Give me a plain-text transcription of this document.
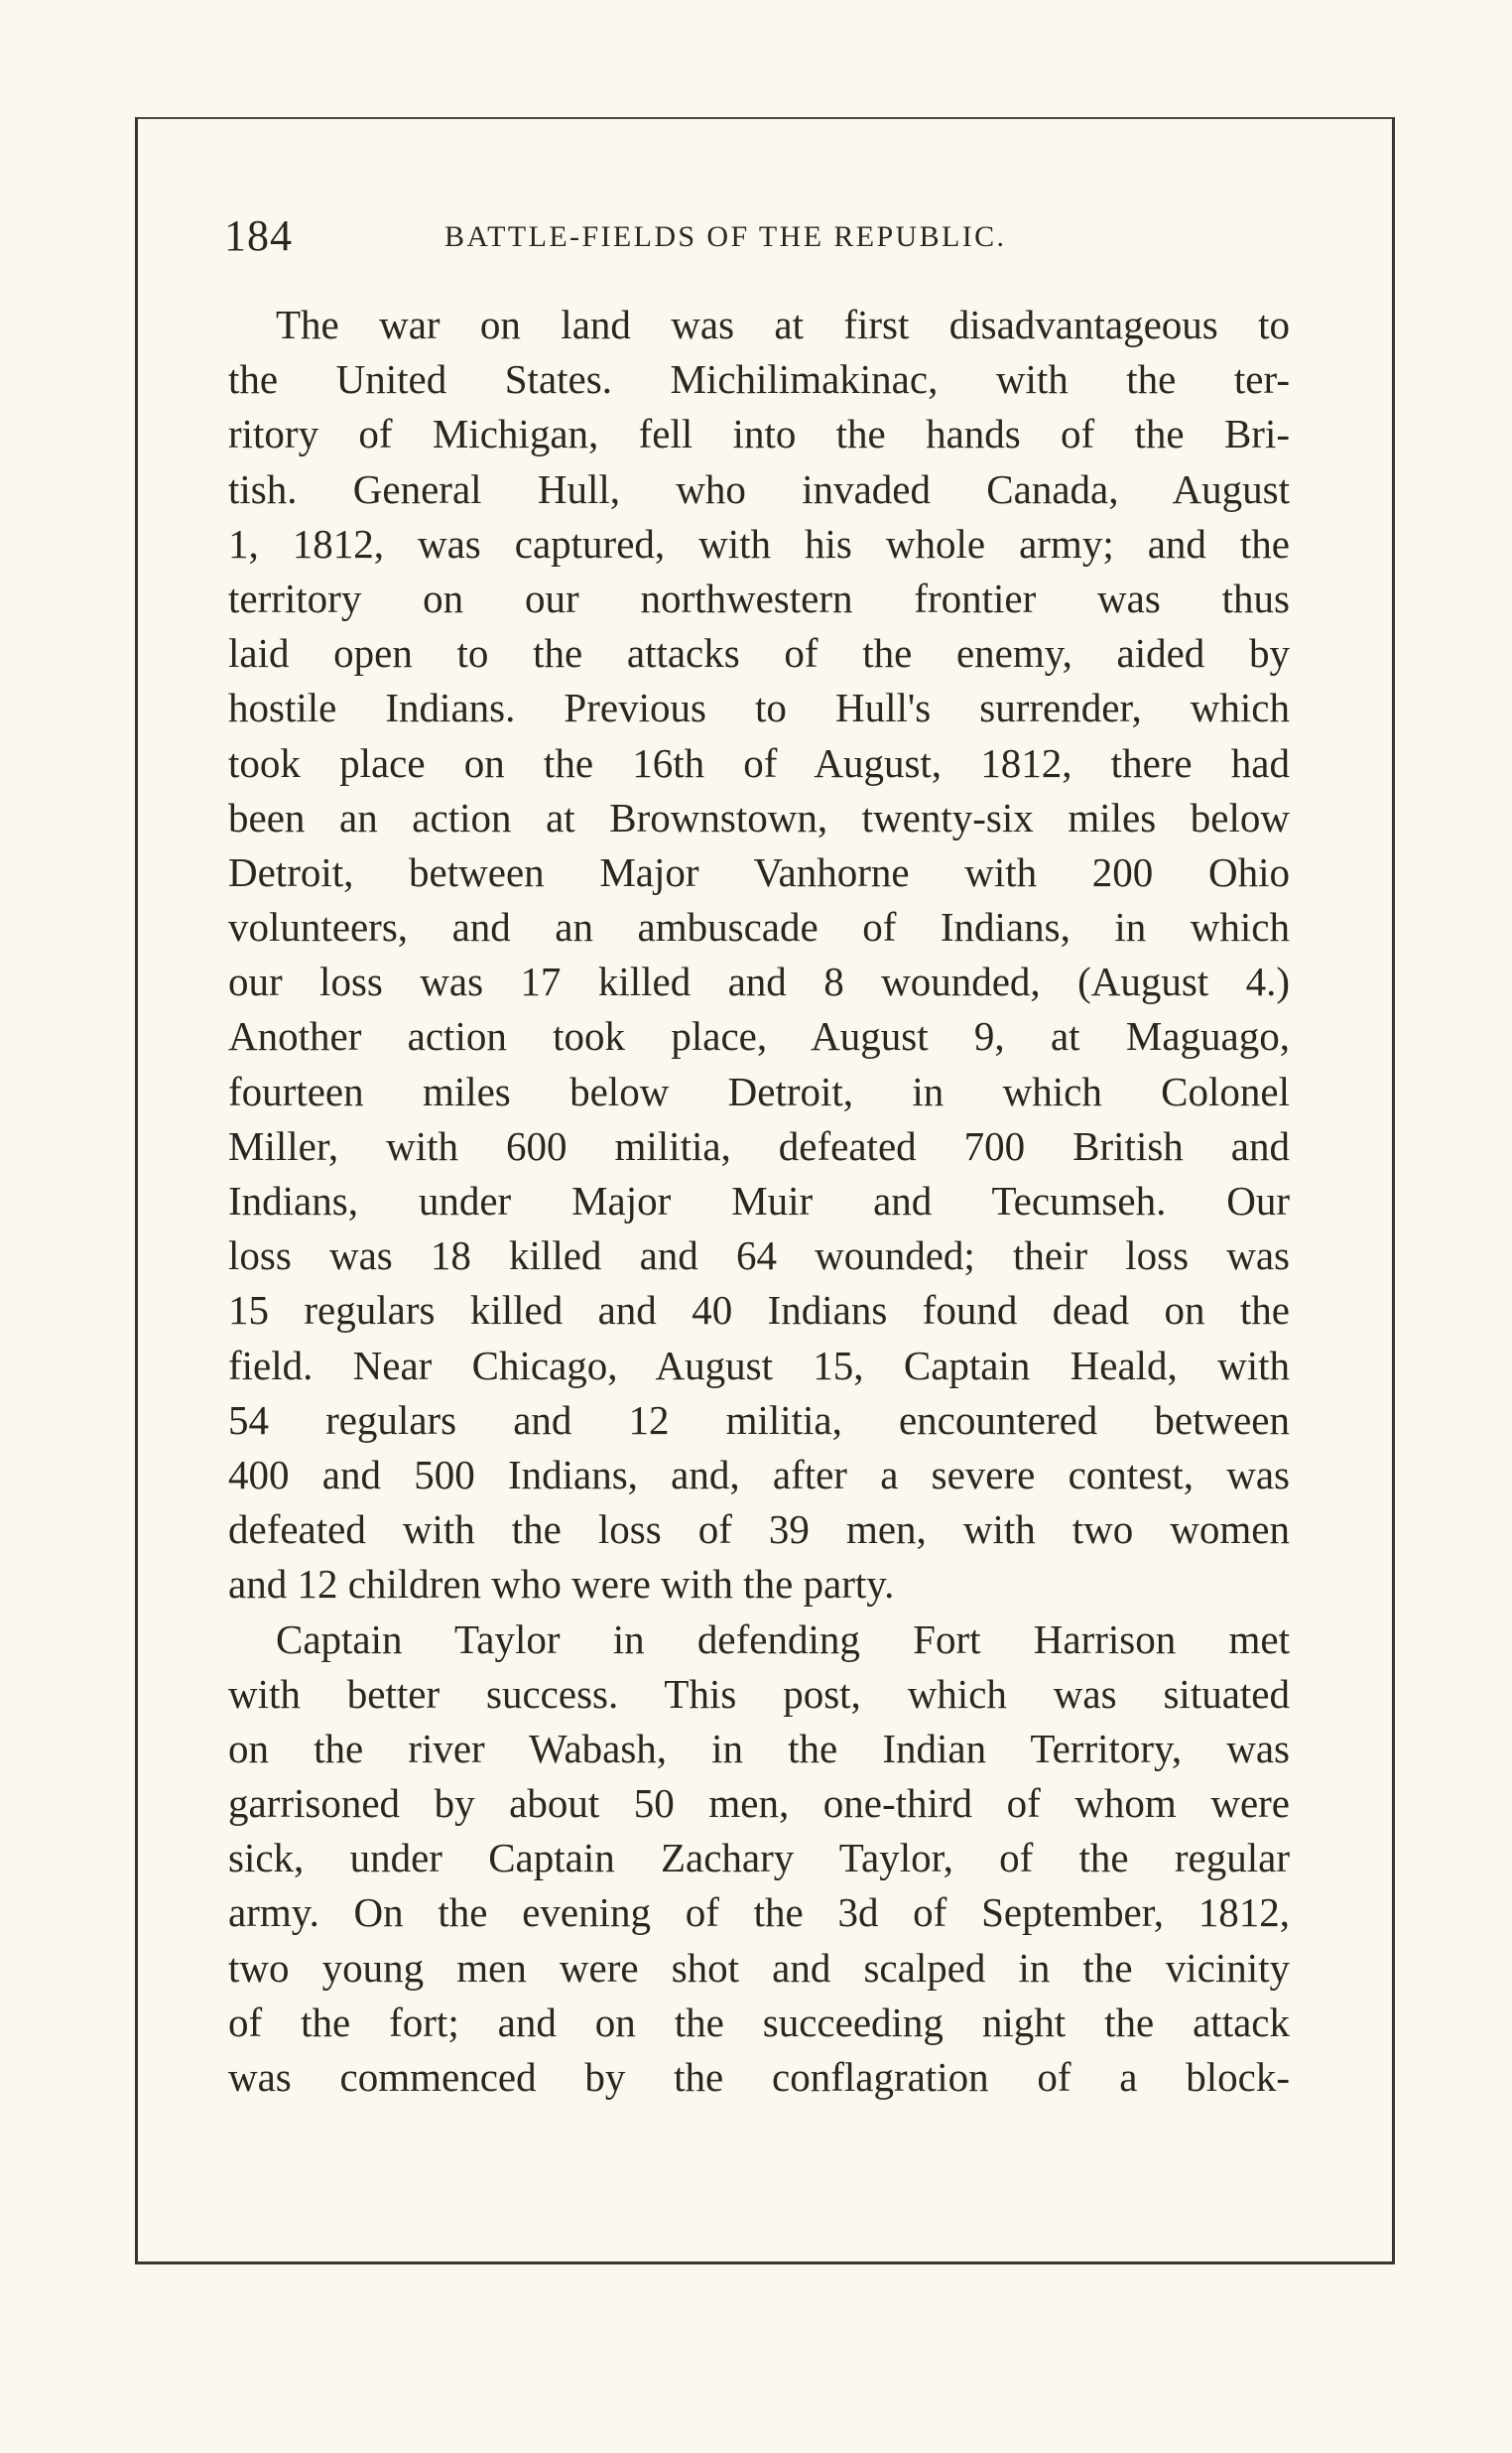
184	BATTLE-FIELDS OF THE REPUBLIC.
The war on land was at first disadvantageous to
the United States. Michilimakinac, with the ter-
ritory of Michigan, fell into the hands of the Bri-
tish. General Hull, who invaded Canada, August
1, 1812, was captured, with his whole army; and the
territory on our northwestern frontier was thus
laid open to the attacks of the enemy, aided by
hostile Indians. Previous to Hull's surrender, which
took place on the 16th of August, 1812, there had
been an action at Brownstown, twenty-six miles below
Detroit, between Major Vanhorne with 200 Ohio
volunteers, and an ambuscade of Indians, in which
our loss was 17 killed and 8 wounded, (August 4.)
Another action took place, August 9, at Maguago,
fourteen miles below Detroit, in which Colonel
Miller, with 600 militia, defeated 700 British and
Indians, under Major Muir and Tecumseh. Our
loss was 18 killed and 64 wounded; their loss was
15 regulars killed and 40 Indians found dead on the
field. Near Chicago, August 15, Captain Heald, with
54 regulars and 12 militia, encountered between
400 and 500 Indians, and, after a severe contest, was
defeated with the loss of 39 men, with two women
and 12 children who were with the party.
Captain Taylor in defending Fort Harrison met
with better success. This post, which was situated
on the river Wabash, in the Indian Territory, was
garrisoned by about 50 men, one-third of whom were
sick, under Captain Zachary Taylor, of the regular
army. On the evening of the 3d of September, 1812,
two young men were shot and scalped in the vicinity
of the fort; and on the succeeding night the attack
was commenced by the conflagration of a block-
